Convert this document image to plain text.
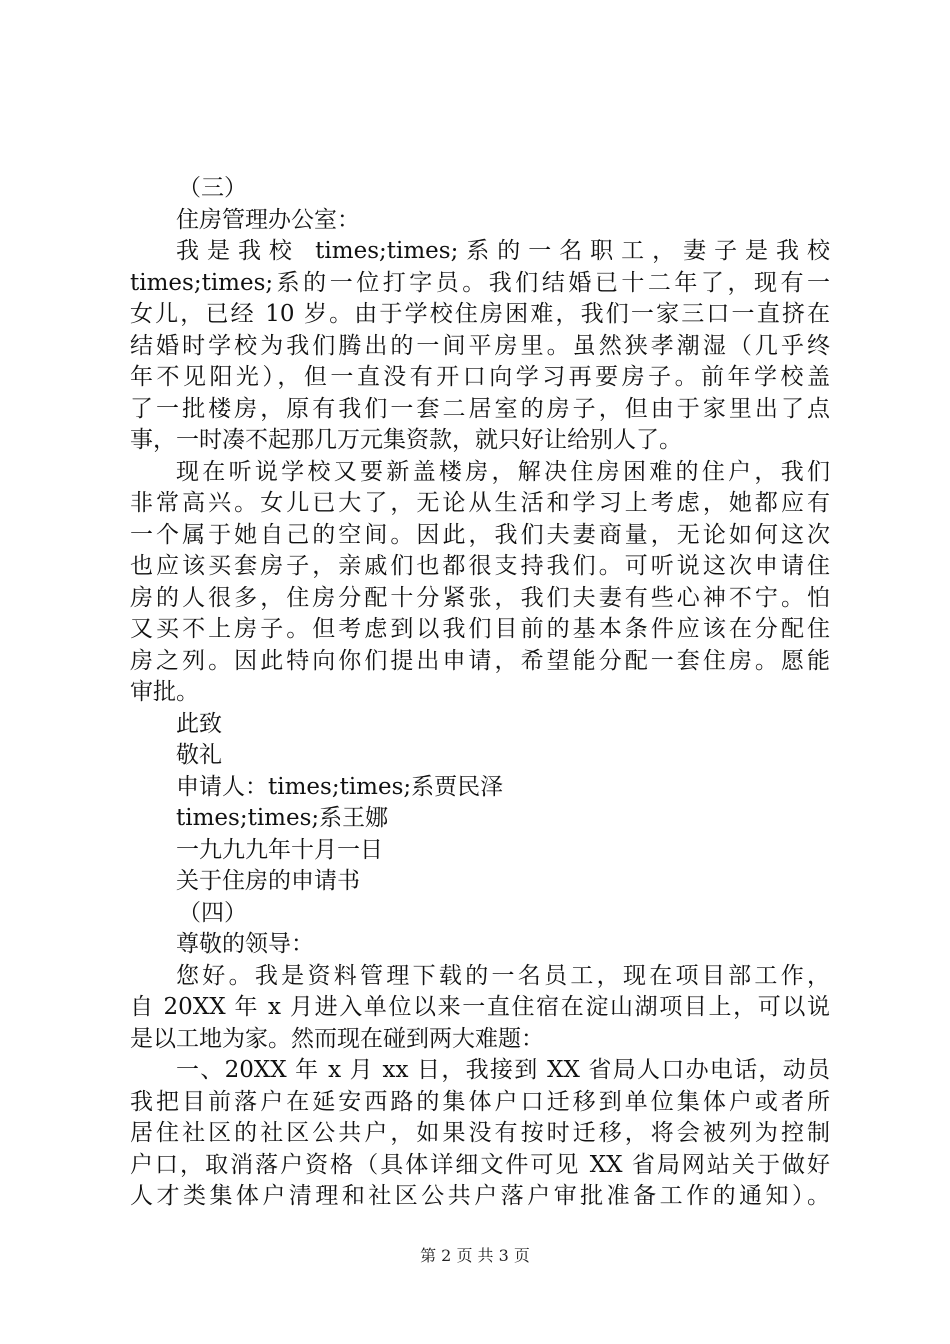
（三）

住房管理办公室：

我是我校 times;times;系的一名职工，妻子是我校

times;times;系的一位打字员。我们结婚已十二年了，现有一

女儿，已经 10 岁。由于学校住房困难，我们一家三口一直挤在

结婚时学校为我们腾出的一间平房里。虽然狭孝潮湿（几乎终

年不见阳光），但一直没有开口向学习再要房子。前年学校盖

了一批楼房，原有我们一套二居室的房子，但由于家里出了点

事，一时凑不起那几万元集资款，就只好让给别人了。

现在听说学校又要新盖楼房，解决住房困难的住户，我们

非常高兴。女儿已大了，无论从生活和学习上考虑，她都应有

一个属于她自己的空间。因此，我们夫妻商量，无论如何这次

也应该买套房子，亲戚们也都很支持我们。可听说这次申请住

房的人很多，住房分配十分紧张，我们夫妻有些心神不宁。怕

又买不上房子。但考虑到以我们目前的基本条件应该在分配住

房之列。因此特向你们提出申请，希望能分配一套住房。愿能

审批。

此致

敬礼

申请人：times;times;系贾民泽

times;times;系王娜

一九九九年十月一日

关于住房的申请书

（四）

尊敬的领导：

您好。我是资料管理下载的一名员工，现在项目部工作，

自 20XX 年 x 月进入单位以来一直住宿在淀山湖项目上，可以说

是以工地为家。然而现在碰到两大难题：

一、20XX 年 x 月 xx 日，我接到 XX 省局人口办电话，动员

我把目前落户在延安西路的集体户口迁移到单位集体户或者所

居住社区的社区公共户，如果没有按时迁移，将会被列为控制

户口，取消落户资格（具体详细文件可见 XX 省局网站关于做好

人才类集体户清理和社区公共户落户审批准备工作的通知）。

第 2 页 共 3 页
